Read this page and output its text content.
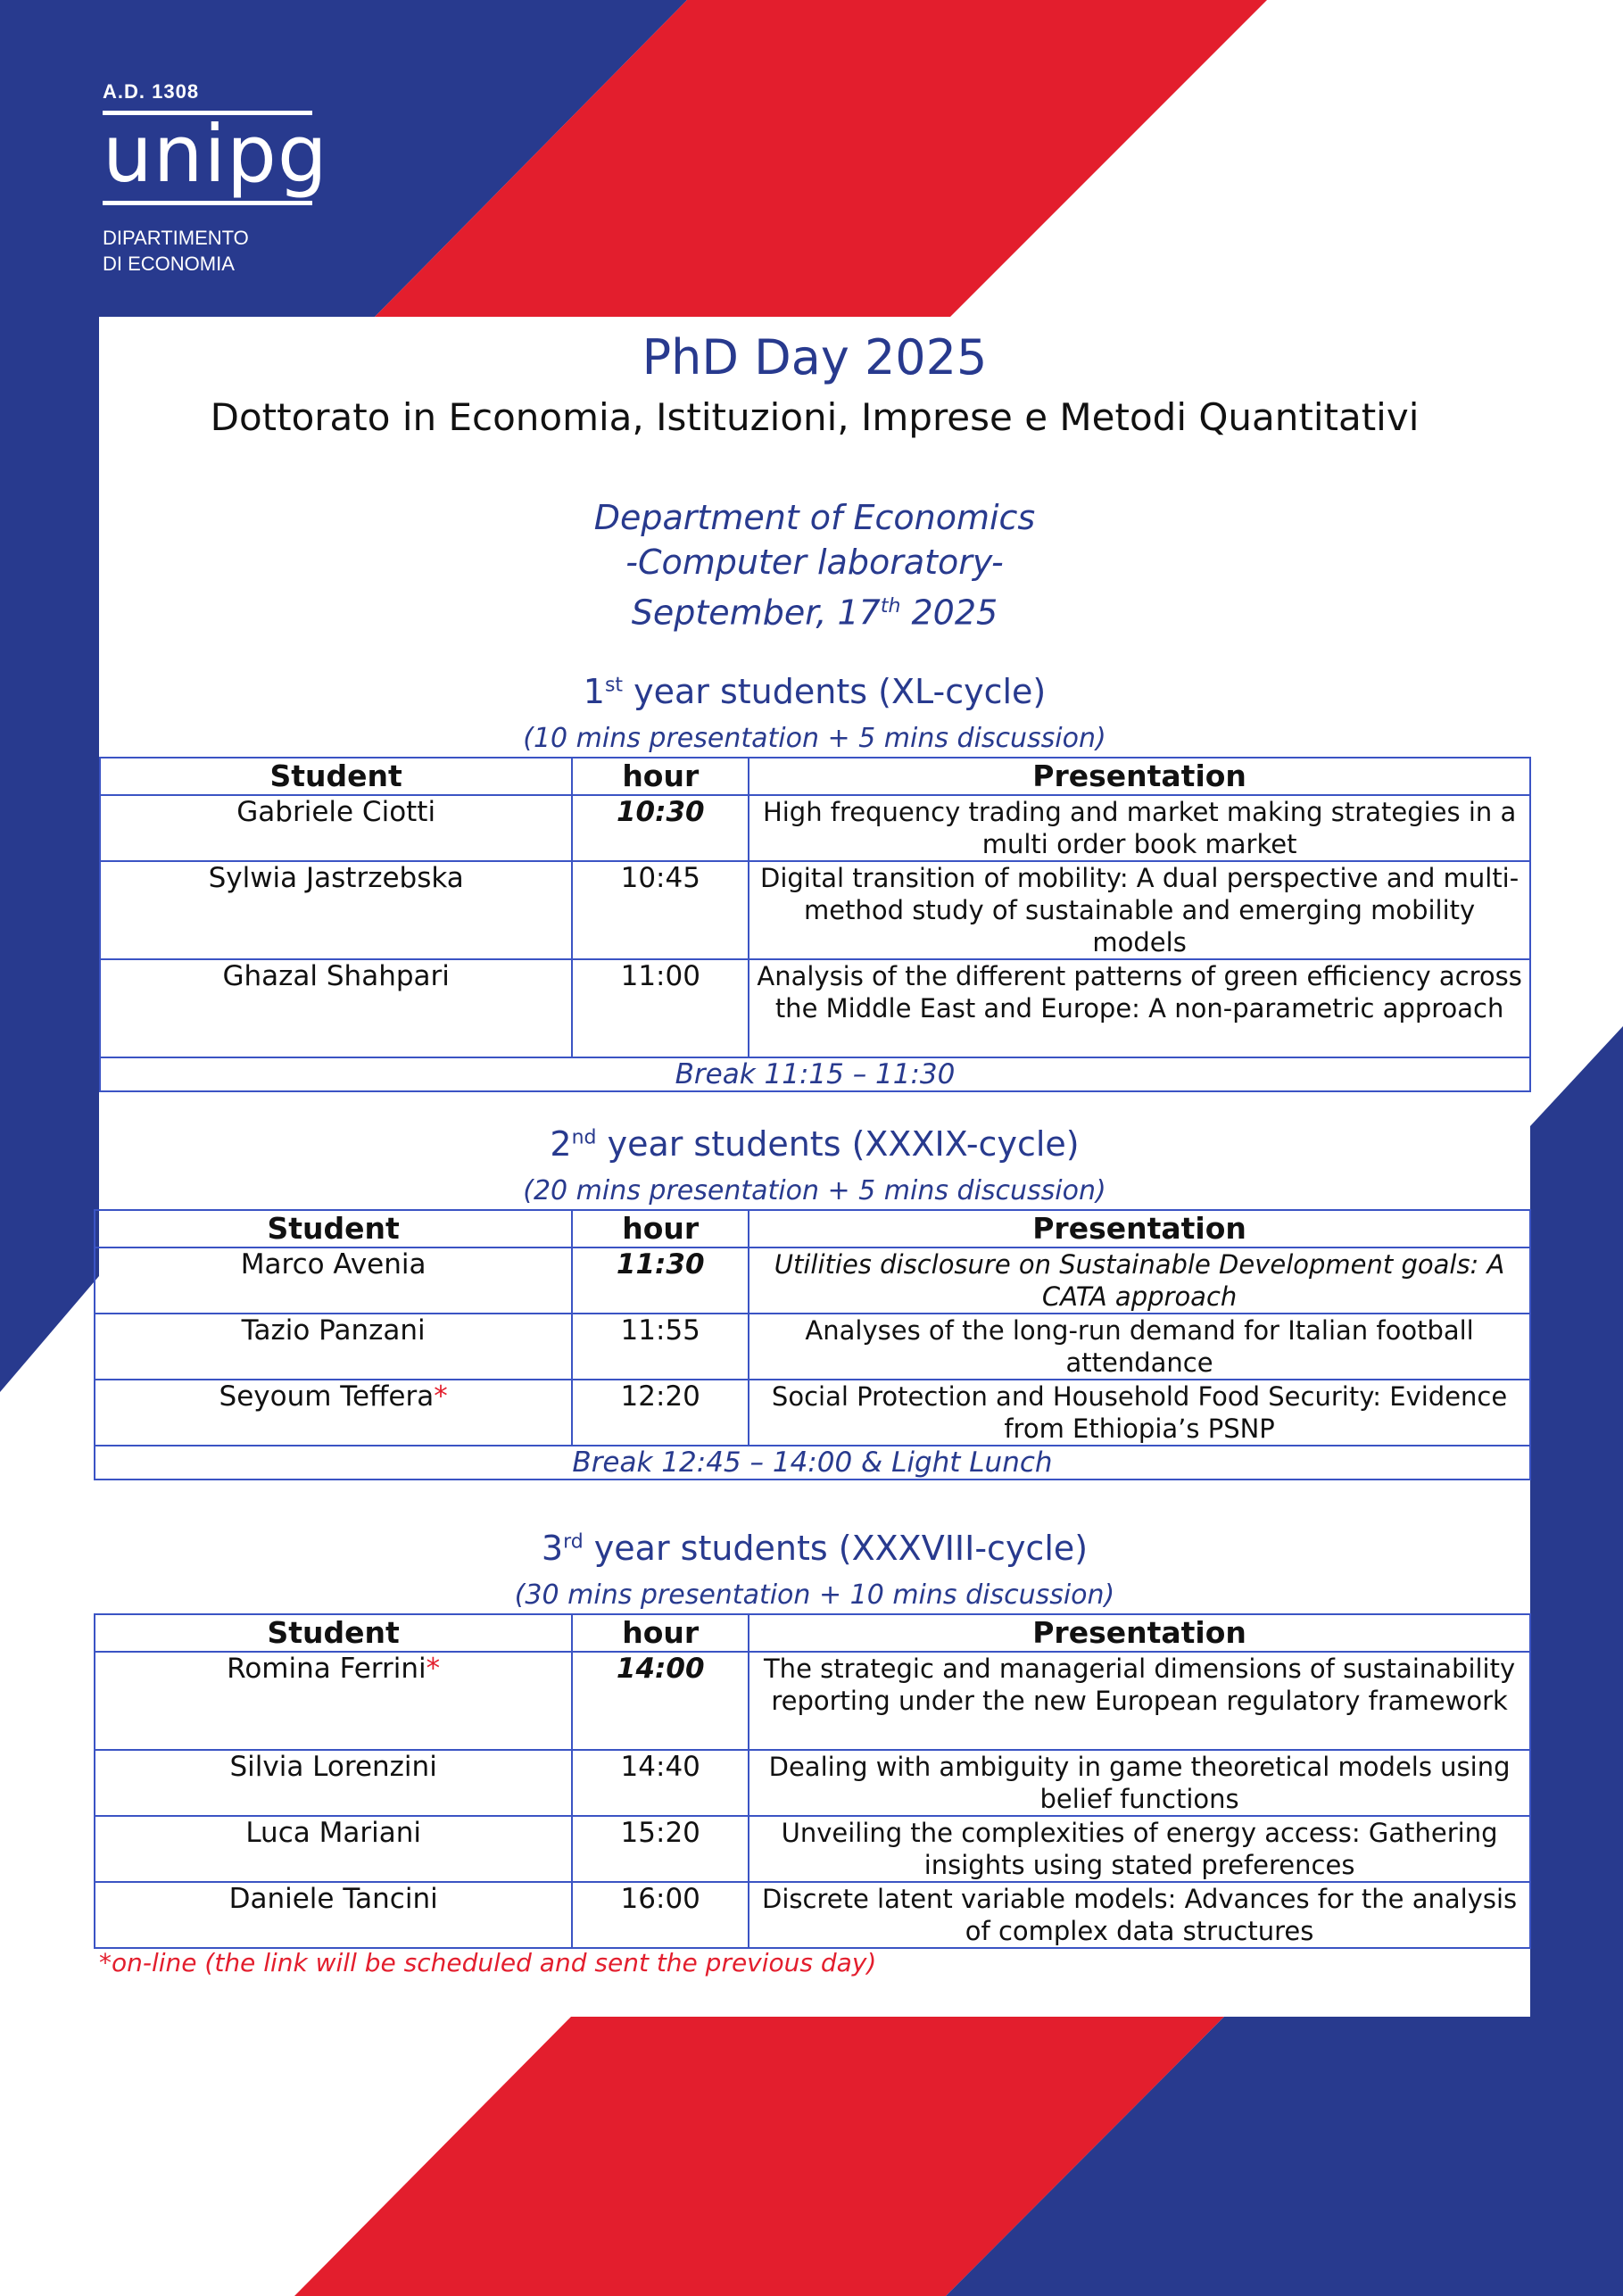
A.D. 1308
unipg
DIPARTIMENTO
DI ECONOMIA
PhD Day 2025
Dottorato in Economia, Istituzioni, Imprese e Metodi Quantitativi
Department of Economics
-Computer laboratory-
September, 17th 2025
1st year students (XL-cycle)
(10 mins presentation + 5 mins discussion)
Student	hour	Presentation
Gabriele Ciotti	10:30	High frequency trading and market making strategies in a multi order book market
Sylwia Jastrzebska	10:45	Digital transition of mobility: A dual perspective and multi-method study of sustainable and emerging mobility models
Ghazal Shahpari	11:00	Analysis of the different patterns of green efficiency across the Middle East and Europe: A non-parametric approach
Break 11:15 – 11:30		
2nd year students (XXXIX-cycle)
(20 mins presentation + 5 mins discussion)
Student	hour	Presentation
Marco Avenia	11:30	Utilities disclosure on Sustainable Development goals: A CATA approach
Tazio Panzani	11:55	Analyses of the long-run demand for Italian football attendance
Seyoum Teffera*	12:20	Social Protection and Household Food Security: Evidence from Ethiopia’s PSNP
Break 12:45 – 14:00 & Light Lunch		
3rd year students (XXXVIII-cycle)
(30 mins presentation + 10 mins discussion)
Student	hour	Presentation
Romina Ferrini*	14:00	The strategic and managerial dimensions of sustainability reporting under the new European regulatory framework
Silvia Lorenzini	14:40	Dealing with ambiguity in game theoretical models using belief functions
Luca Mariani	15:20	Unveiling the complexities of energy access: Gathering insights using stated preferences
Daniele Tancini	16:00	Discrete latent variable models: Advances for the analysis of complex data structures
*on-line (the link will be scheduled and sent the previous day)
